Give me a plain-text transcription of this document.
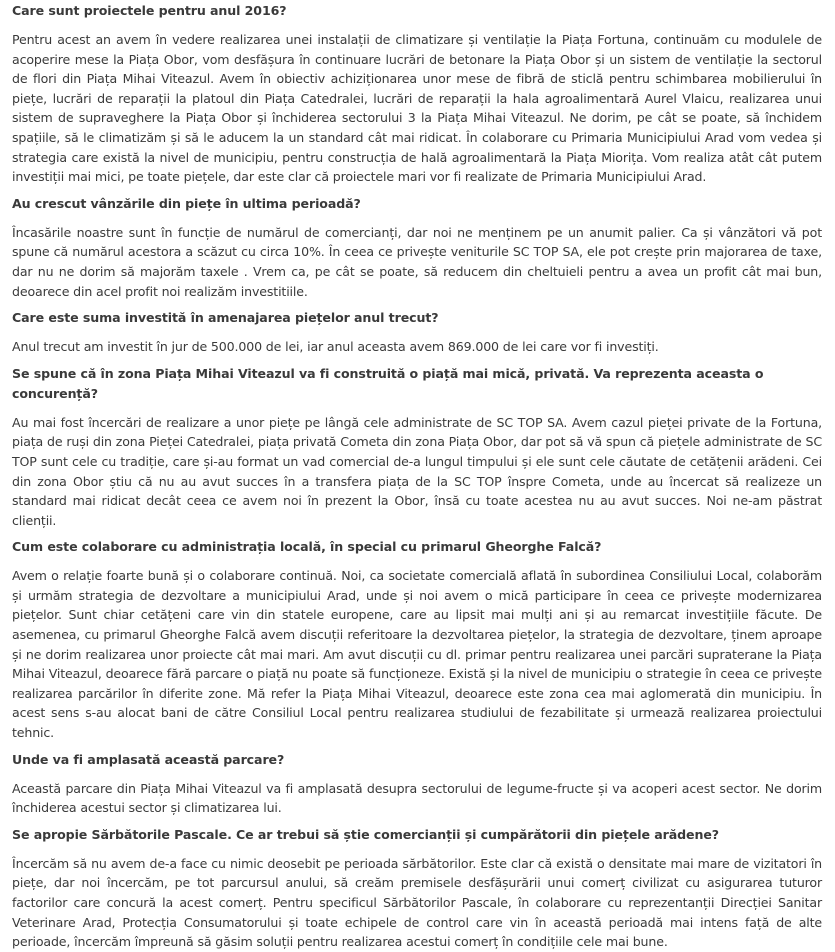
Care sunt proiectele pentru anul 2016?

Pentru acest an avem în vedere realizarea unei instalații de climatizare și ventilație la Piața Fortuna, continuăm cu modulele de acoperire mese la Piața Obor, vom desfășura în continuare lucrări de betonare la Piața Obor și un sistem de ventilație la sectorul de flori din Piața Mihai Viteazul. Avem în obiectiv achiziționarea unor mese de fibră de sticlă pentru schimbarea mobilierului în piețe, lucrări de reparații la platoul din Piața Catedralei, lucrări de reparații la hala agroalimentară Aurel Vlaicu, realizarea unui sistem de supraveghere la Piața Obor și închiderea sectorului 3 la Piața Mihai Viteazul. Ne dorim, pe cât se poate, să închidem spațiile, să le climatizăm și să le aducem la un standard cât mai ridicat. În colaborare cu Primaria Municipiului Arad vom vedea și strategia care există la nivel de municipiu, pentru construcția de hală agroalimentară la Piața Miorița. Vom realiza atât cât putem investiții mai mici, pe toate piețele, dar este clar că proiectele mari vor fi realizate de Primaria Municipiului Arad.

Au crescut vânzările din piețe în ultima perioadă?

Încasările noastre sunt în funcție de numărul de comercianți, dar noi ne menținem pe un anumit palier. Ca și vânzători vă pot spune că numărul acestora a scăzut cu circa 10%. În ceea ce privește veniturile SC TOP SA, ele pot crește prin majorarea de taxe, dar nu ne dorim să majorăm taxele . Vrem ca, pe cât se poate, să reducem din cheltuieli pentru a avea un profit cât mai bun, deoarece din acel profit noi realizăm investitiile.

Care este suma investită în amenajarea piețelor anul trecut?

Anul trecut am investit în jur de 500.000 de lei, iar anul aceasta avem 869.000 de lei care vor fi investiți.

Se spune că în zona Piața Mihai Viteazul va fi construită o piață mai mică, privată. Va reprezenta aceasta o concurență?

Au mai fost încercări de realizare a unor piețe pe lângă cele administrate de SC TOP SA. Avem cazul pieței private de la Fortuna, piața de ruși din zona Pieței Catedralei, piața privată Cometa din zona Piața Obor, dar pot să vă spun că piețele administrate de SC TOP sunt cele cu tradiție, care și-au format un vad comercial de-a lungul timpului și ele sunt cele căutate de cetățenii arădeni. Cei din zona Obor știu că nu au avut succes în a transfera piața de la SC TOP înspre Cometa, unde au încercat să realizeze un standard mai ridicat decât ceea ce avem noi în prezent la Obor, însă cu toate acestea nu au avut succes. Noi ne-am păstrat clienții.

Cum este colaborare cu administrația locală, în special cu primarul Gheorghe Falcă?

Avem o relație foarte bună și o colaborare continuă. Noi, ca societate comercială aflată în subordinea Consiliului Local, colaborăm și urmăm strategia de dezvoltare a municipiului Arad, unde și noi avem o mică participare în ceea ce privește modernizarea piețelor. Sunt chiar cetățeni care vin din statele europene, care au lipsit mai mulți ani și au remarcat investițiile făcute. De asemenea, cu primarul Gheorghe Falcă avem discuții referitoare la dezvoltarea piețelor, la strategia de dezvoltare, ținem aproape și ne dorim realizarea unor proiecte cât mai mari. Am avut discuții cu dl. primar pentru realizarea unei parcări supraterane la Piața Mihai Viteazul, deoarece fără parcare o piață nu poate să funcționeze. Există și la nivel de municipiu o strategie în ceea ce privește realizarea parcărilor în diferite zone. Mă refer la Piața Mihai Viteazul, deoarece este zona cea mai aglomerată din municipiu. În acest sens s-au alocat bani de către Consiliul Local pentru realizarea studiului de fezabilitate și urmează realizarea proiectului tehnic.

Unde va fi amplasată această parcare?

Această parcare din Piața Mihai Viteazul va fi amplasată desupra sectorului de legume-fructe și va acoperi acest sector. Ne dorim închiderea acestui sector și climatizarea lui.

Se apropie Sărbătorile Pascale. Ce ar trebui să știe comercianții și cumpărătorii din piețele arădene?

Încercăm să nu avem de-a face cu nimic deosebit pe perioada sărbătorilor. Este clar că există o densitate mai mare de vizitatori în piețe, dar noi încercăm, pe tot parcursul anului, să creăm premisele desfășurării unui comerț civilizat cu asigurarea tuturor factorilor care concură la acest comerț. Pentru specificul Sărbătorilor Pascale, în colaborare cu reprezentanții Direcției Sanitar Veterinare Arad, Protecția Consumatorului și toate echipele de control care vin în această perioadă mai intens față de alte perioade, încercăm împreună să găsim soluții pentru realizarea acestui comerț în condițiile cele mai bune.
